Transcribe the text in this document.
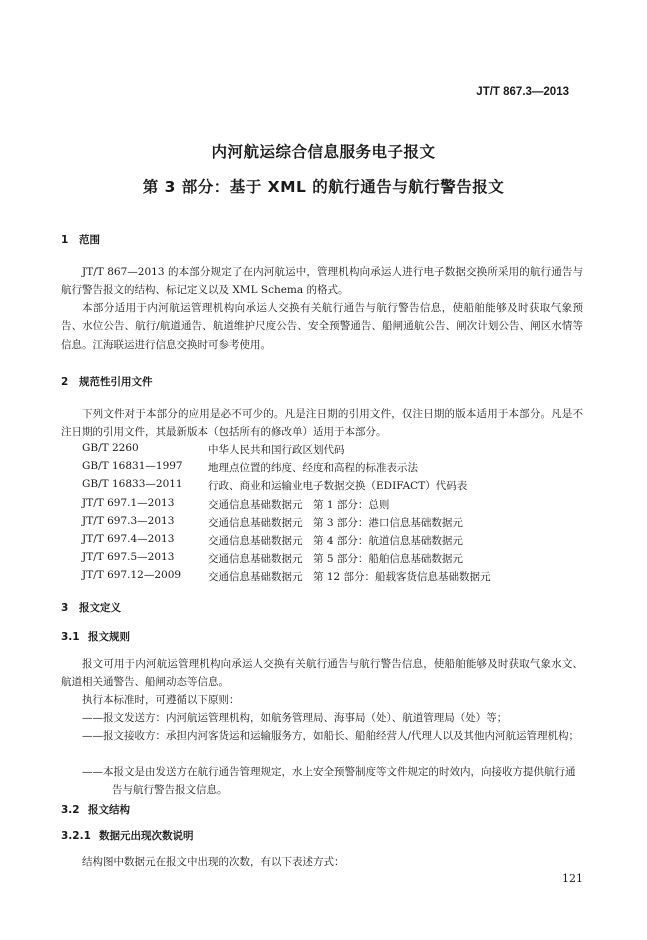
JT/T 867.3—2013
内河航运综合信息服务电子报文
第 3 部分：基于 XML 的航行通告与航行警告报文
1 范围
JT/T 867—2013 的本部分规定了在内河航运中，管理机构向承运人进行电子数据交换所采用的航行通告与航行警告报文的结构、标记定义以及 XML Schema 的格式。
本部分适用于内河航运管理机构向承运人交换有关航行通告与航行警告信息，使船舶能够及时获取气象预告、水位公告、航行/航道通告、航道维护尺度公告、安全预警通告、船闸通航公告、闸次计划公告、闸区水情等信息。江海联运进行信息交换时可参考使用。
2 规范性引用文件
下列文件对于本部分的应用是必不可少的。凡是注日期的引用文件，仅注日期的版本适用于本部分。凡是不注日期的引用文件，其最新版本（包括所有的修改单）适用于本部分。
GB/T 2260	中华人民共和国行政区划代码
GB/T 16831—1997 地理点位置的纬度、经度和高程的标准表示法
GB/T 16833—2011 行政、商业和运输业电子数据交换（EDIFACT）代码表
JT/T 697.1—2013	交通信息基础数据元　第 1 部分：总则
JT/T 697.3—2013	交通信息基础数据元　第 3 部分：港口信息基础数据元
JT/T 697.4—2013	交通信息基础数据元　第 4 部分：航道信息基础数据元
JT/T 697.5—2013	交通信息基础数据元　第 5 部分：船舶信息基础数据元
JT/T 697.12—2009	交通信息基础数据元　第 12 部分：船载客货信息基础数据元
3 报文定义
3.1 报文规则
报文可用于内河航运管理机构向承运人交换有关航行通告与航行警告信息，使船舶能够及时获取气象水文、航道相关通警告、船闸动态等信息。
执行本标准时，可遵循以下原则：
——报文发送方：内河航运管理机构，如航务管理局、海事局（处）、航道管理局（处）等；
——报文接收方：承担内河客货运和运输服务方，如船长、船舶经营人/代理人以及其他内河航运管理机构；
——本报文是由发送方在航行通告管理规定，水上安全预警制度等文件规定的时效内，向接收方提供航行通告与航行警告报文信息。
3.2 报文结构
3.2.1 数据元出现次数说明
结构图中数据元在报文中出现的次数，有以下表述方式：
121
